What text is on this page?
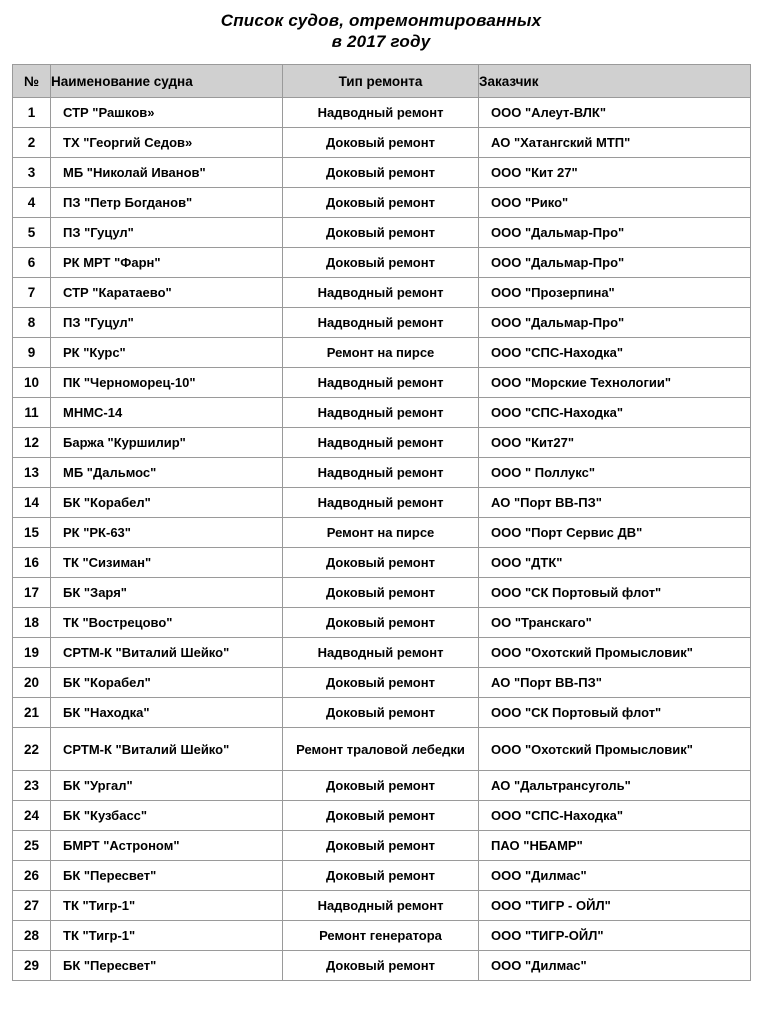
Список судов, отремонтированных
в 2017 году
№	Наименование судна	Тип ремонта	Заказчик
1	СТР "Рашков»	Надводный ремонт	ООО "Алеут-ВЛК"
2	ТХ "Георгий Седов»	Доковый ремонт	АО "Хатангский МТП"
3	МБ "Николай Иванов"	Доковый ремонт	ООО "Кит 27"
4	ПЗ "Петр Богданов"	Доковый ремонт	ООО "Рико"
5	ПЗ "Гуцул"	Доковый ремонт	ООО "Дальмар-Про"
6	РК МРТ "Фарн"	Доковый ремонт	ООО "Дальмар-Про"
7	СТР "Каратаево"	Надводный ремонт	ООО "Прозерпина"
8	ПЗ "Гуцул"	Надводный ремонт	ООО "Дальмар-Про"
9	РК "Курс"	Ремонт на пирсе	ООО "СПС-Находка"
10	ПК "Черноморец-10"	Надводный ремонт	ООО "Морские Технологии"
11	МНМС-14	Надводный ремонт	ООО "СПС-Находка"
12	Баржа "Куршилир"	Надводный ремонт	ООО "Кит27"
13	МБ "Дальмос"	Надводный ремонт	ООО " Поллукс"
14	БК "Корабел"	Надводный ремонт	АО "Порт ВВ-ПЗ"
15	РК "РК-63"	Ремонт на пирсе	ООО "Порт Сервис ДВ"
16	ТК "Сизиман"	Доковый ремонт	ООО "ДТК"
17	БК "Заря"	Доковый ремонт	ООО "СК Портовый флот"
18	ТК "Вострецово"	Доковый ремонт	ОО "Транскаго"
19	СРТМ-К "Виталий Шейко"	Надводный ремонт	ООО "Охотский Промысловик"
20	БК "Корабел"	Доковый ремонт	АО "Порт ВВ-ПЗ"
21	БК "Находка"	Доковый ремонт	ООО "СК Портовый флот"
22	СРТМ-К "Виталий Шейко"	Ремонт траловой лебедки	ООО "Охотский Промысловик"
23	БК "Ургал"	Доковый ремонт	АО "Дальтрансуголь"
24	БК "Кузбасс"	Доковый ремонт	ООО "СПС-Находка"
25	БМРТ "Астроном"	Доковый ремонт	ПАО "НБАМР"
26	БК "Пересвет"	Доковый ремонт	ООО "Дилмас"
27	ТК "Тигр-1"	Надводный ремонт	ООО "ТИГР - ОЙЛ"
28	ТК "Тигр-1"	Ремонт генератора	ООО "ТИГР-ОЙЛ"
29	БК "Пересвет"	Доковый ремонт	ООО "Дилмас"
